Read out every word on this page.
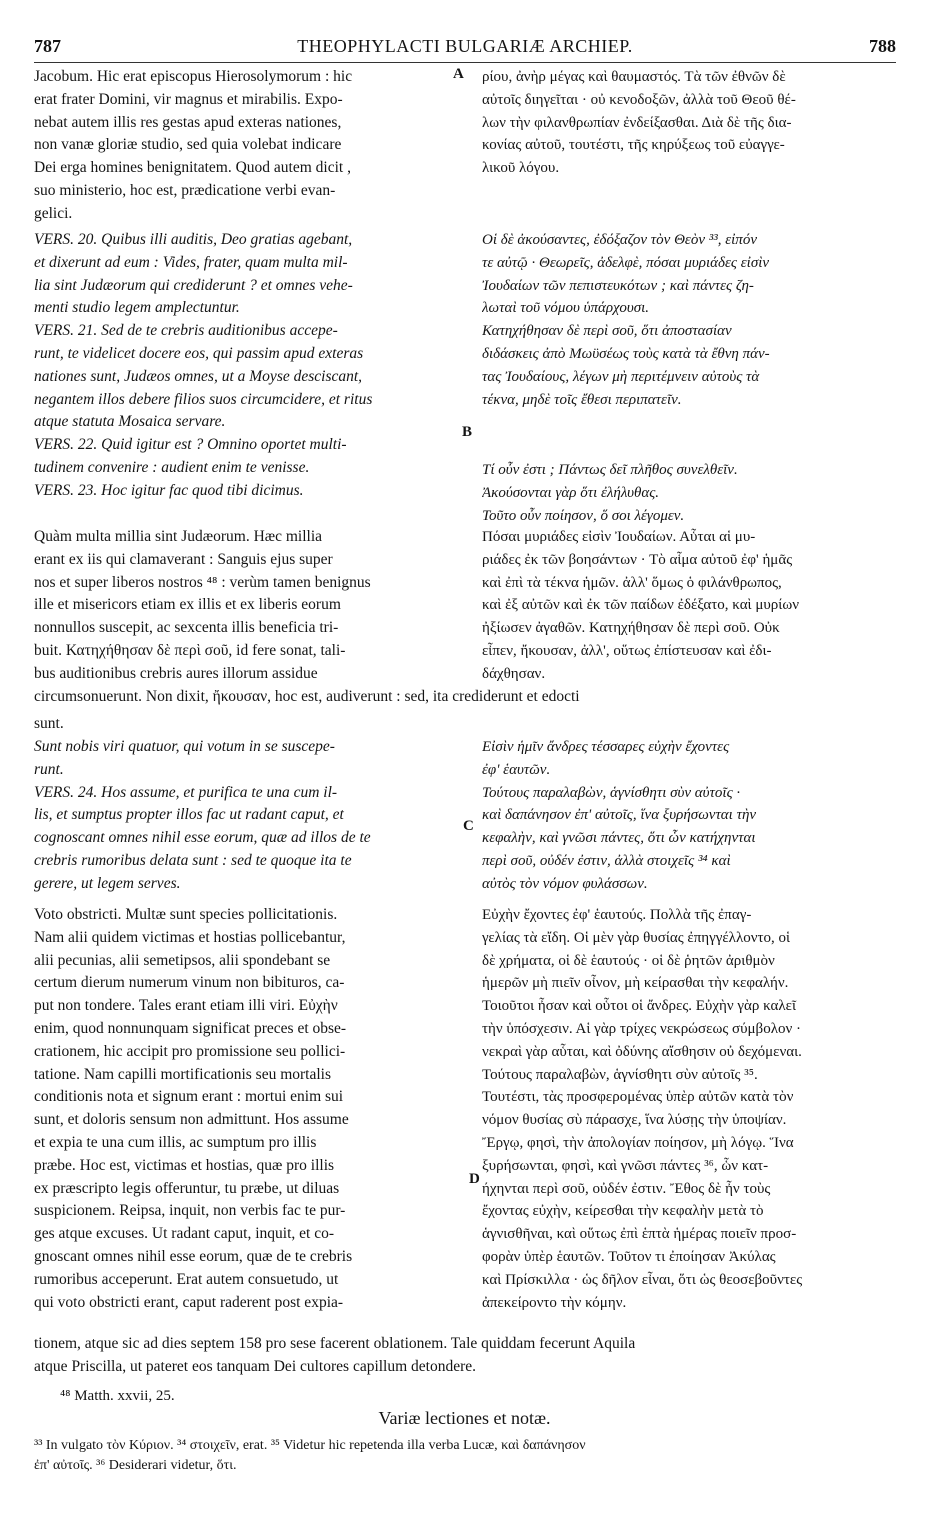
787	THEOPHYLACTI BULGARIÆ ARCHIEP.	788
Jacobum. Hic erat episcopus Hierosolymorum : hic
erat frater Domini, vir magnus et mirabilis. Expo-
nebat autem illis res gestas apud exteras nationes,
non vanæ gloriæ studio, sed quia volebat indicare
Dei erga homines benignitatem. Quod autem dicit ,
suo ministerio, hoc est, prædicatione verbi evan-
gelici.
VERS. 20. Quibus illi auditis, Deo gratias agebant,
et dixerunt ad eum : Vides, frater, quam multa mil-
lia sint Judæorum qui crediderunt ? et omnes vehe-
menti studio legem amplectuntur.
VERS. 21. Sed de te crebris auditionibus accepe-
runt, te videlicet docere eos, qui passim apud exteras
nationes sunt, Judæos omnes, ut a Moyse desciscant,
negantem illos debere filios suos circumcidere, et ritus
atque statuta Mosaica servare.
VERS. 22. Quid igitur est ? Omnino oportet multi-
tudinem convenire : audient enim te venisse.
VERS. 23. Hoc igitur fac quod tibi dicimus.
Quàm multa millia sint Judæorum. Hæc millia
erant ex iis qui clamaverant : Sanguis ejus super
nos et super liberos nostros ⁴⁸ : verùm tamen benignus
ille et misericors etiam ex illis et ex liberis eorum
nonnullos suscepit, ac sexcenta illis beneficia tri-
buit. Κατηχήθησαν δὲ περὶ σοῦ, id fere sonat, tali-
bus auditionibus crebris aures illorum assidue
sunt.
Sunt nobis viri quatuor, qui votum in se suscepe-
runt.
VERS. 24. Hos assume, et purifica te una cum il-
lis, et sumptus propter illos fac ut radant caput, et
cognoscant omnes nihil esse eorum, quæ ad illos de te
crebris rumoribus delata sunt : sed te quoque ita te
gerere, ut legem serves.
Voto obstricti. Multæ sunt species pollicitationis.
Nam alii quidem victimas et hostias pollicebantur,
alii pecunias, alii semetipsos, alii spondebant se
certum dierum numerum vinum non bibituros, ca-
put non tondere. Tales erant etiam illi viri. Εὐχὴν
enim, quod nonnunquam significat preces et obse-
crationem, hic accipit pro promissione seu pollici-
tatione. Nam capilli mortificationis seu mortalis
conditionis nota et signum erant : mortui enim sui
sunt, et doloris sensum non admittunt. Hos assume
et expia te una cum illis, ac sumptum pro illis
præbe. Hoc est, victimas et hostias, quæ pro illis
ex præscripto legis offeruntur, tu præbe, ut diluas
suspicionem. Reipsa, inquit, non verbis fac te pur-
ges atque excuses. Ut radant caput, inquit, et co-
gnoscant omnes nihil esse eorum, quæ de te crebris
rumoribus acceperunt. Erat autem consuetudo, ut
qui voto obstricti erant, caput raderent post expia-
ρίου, ἀνὴρ μέγας καὶ θαυμαστός. Τὰ τῶν ἐθνῶν δὲ
αὐτοῖς διηγεῖται · οὐ κενοδοξῶν, ἀλλὰ τοῦ Θεοῦ θέ-
λων τὴν φιλανθρωπίαν ἐνδείξασθαι. Διὰ δὲ τῆς δια-
κονίας αὐτοῦ, τουτέστι, τῆς κηρύξεως τοῦ εὐαγγε-
λικοῦ λόγου.
Οἱ δὲ ἀκούσαντες, ἐδόξαζον τὸν Θεὸν ³³, εἰπόν
τε αὐτῷ · Θεωρεῖς, ἀδελφὲ, πόσαι μυριάδες εἰσὶν
Ἰουδαίων τῶν πεπιστευκότων ; καὶ πάντες ζη-
λωταὶ τοῦ νόμου ὑπάρχουσι.
Κατηχήθησαν δὲ περὶ σοῦ, ὅτι ἀποστασίαν
διδάσκεις ἀπὸ Μωϋσέως τοὺς κατὰ τὰ ἔθνη πάν-
τας Ἰουδαίους, λέγων μὴ περιτέμνειν αὐτοὺς τὰ
τέκνα, μηδὲ τοῖς ἔθεσι περιπατεῖν.
Τί οὖν ἐστι ; Πάντως δεῖ πλῆθος συνελθεῖν.
Ἀκούσονται γὰρ ὅτι ἐλήλυθας.
Τοῦτο οὖν ποίησον, ὅ σοι λέγομεν.
Πόσαι μυριάδες εἰσὶν Ἰουδαίων. Αὗται αἱ μυ-
ριάδες ἐκ τῶν βοησάντων · Τὸ αἷμα αὐτοῦ ἐφ' ἡμᾶς
καὶ ἐπὶ τὰ τέκνα ἡμῶν. ἀλλ' ὅμως ὁ φιλάνθρωπος,
καὶ ἐξ αὐτῶν καὶ ἐκ τῶν παίδων ἐδέξατο, καὶ μυρίων
ἠξίωσεν ἀγαθῶν. Κατηχήθησαν δὲ περὶ σοῦ. Οὐκ
εἶπεν, ἤκουσαν, ἀλλ', οὕτως ἐπίστευσαν καὶ ἐδι-
δάχθησαν.
Εἰσὶν ἡμῖν ἄνδρες τέσσαρες εὐχὴν ἔχοντες
ἐφ' ἑαυτῶν.
Τούτους παραλαβὼν, ἁγνίσθητι σὺν αὐτοῖς ·
καὶ δαπάνησον ἐπ' αὐτοῖς, ἵνα ξυρήσωνται τὴν
κεφαλὴν, καὶ γνῶσι πάντες, ὅτι ὧν κατήχηνται
περὶ σοῦ, οὐδέν ἐστιν, ἀλλὰ στοιχεῖς ³⁴ καὶ
αὐτὸς τὸν νόμον φυλάσσων.
Εὐχὴν ἔχοντες ἐφ' ἑαυτούς. Πολλὰ τῆς ἐπαγ-
γελίας τὰ εἴδη. Οἱ μὲν γὰρ θυσίας ἐπηγγέλλοντο, οἱ
δὲ χρήματα, οἱ δὲ ἑαυτούς · οἱ δὲ ῥητῶν ἀριθμὸν
ἡμερῶν μὴ πιεῖν οἶνον, μὴ κείρασθαι τὴν κεφαλήν.
Τοιοῦτοι ἦσαν καὶ οὗτοι οἱ ἄνδρες. Εὐχὴν γὰρ καλεῖ
τὴν ὑπόσχεσιν. Αἱ γὰρ τρίχες νεκρώσεως σύμβολον ·
νεκραὶ γὰρ αὗται, καὶ ὀδύνης αἴσθησιν οὐ δεχόμεναι.
Τούτους παραλαβὼν, ἁγνίσθητι σὺν αὐτοῖς ³⁵.
Τουτέστι, τὰς προσφερομένας ὑπὲρ αὐτῶν κατὰ τὸν
νόμον θυσίας σὺ πάρασχε, ἵνα λύσῃς τὴν ὑποψίαν.
Ἔργῳ, φησὶ, τὴν ἀπολογίαν ποίησον, μὴ λόγῳ. Ἵνα
ξυρήσωνται, φησὶ, καὶ γνῶσι πάντες ³⁶, ὧν κατ-
ήχηνται περὶ σοῦ, οὐδέν ἐστιν. Ἔθος δὲ ἦν τοὺς
ἔχοντας εὐχὴν, κείρεσθαι τὴν κεφαλὴν μετὰ τὸ
ἁγνισθῆναι, καὶ οὕτως ἐπὶ ἑπτὰ ἡμέρας ποιεῖν προσ-
φορὰν ὑπὲρ ἑαυτῶν. Τοῦτον τι ἐποίησαν Ἀκύλας
καὶ Πρίσκιλλα · ὡς δῆλον εἶναι, ὅτι ὡς θεοσεβοῦντες
ἀπεκείροντο τὴν κόμην.
circumsonuerunt. Non dixit, ἤκουσαν, hoc est, audiverunt : sed, ita crediderunt et edocti
tionem, atque sic ad dies septem 158 pro sese facerent oblationem. Tale quiddam fecerunt Aquila
atque Priscilla, ut pateret eos tanquam Dei cultores capillum detondere.
A
B
C
D
⁴⁸ Matth. xxvii, 25.
Variæ lectiones et notæ.
³³ In vulgato τὸν Κύριον. ³⁴ στοιχεῖν, erat. ³⁵ Videtur hic repetenda illa verba Lucæ, καὶ δαπάνησον
ἐπ' αὐτοῖς. ³⁶ Desiderari videtur, ὅτι.
